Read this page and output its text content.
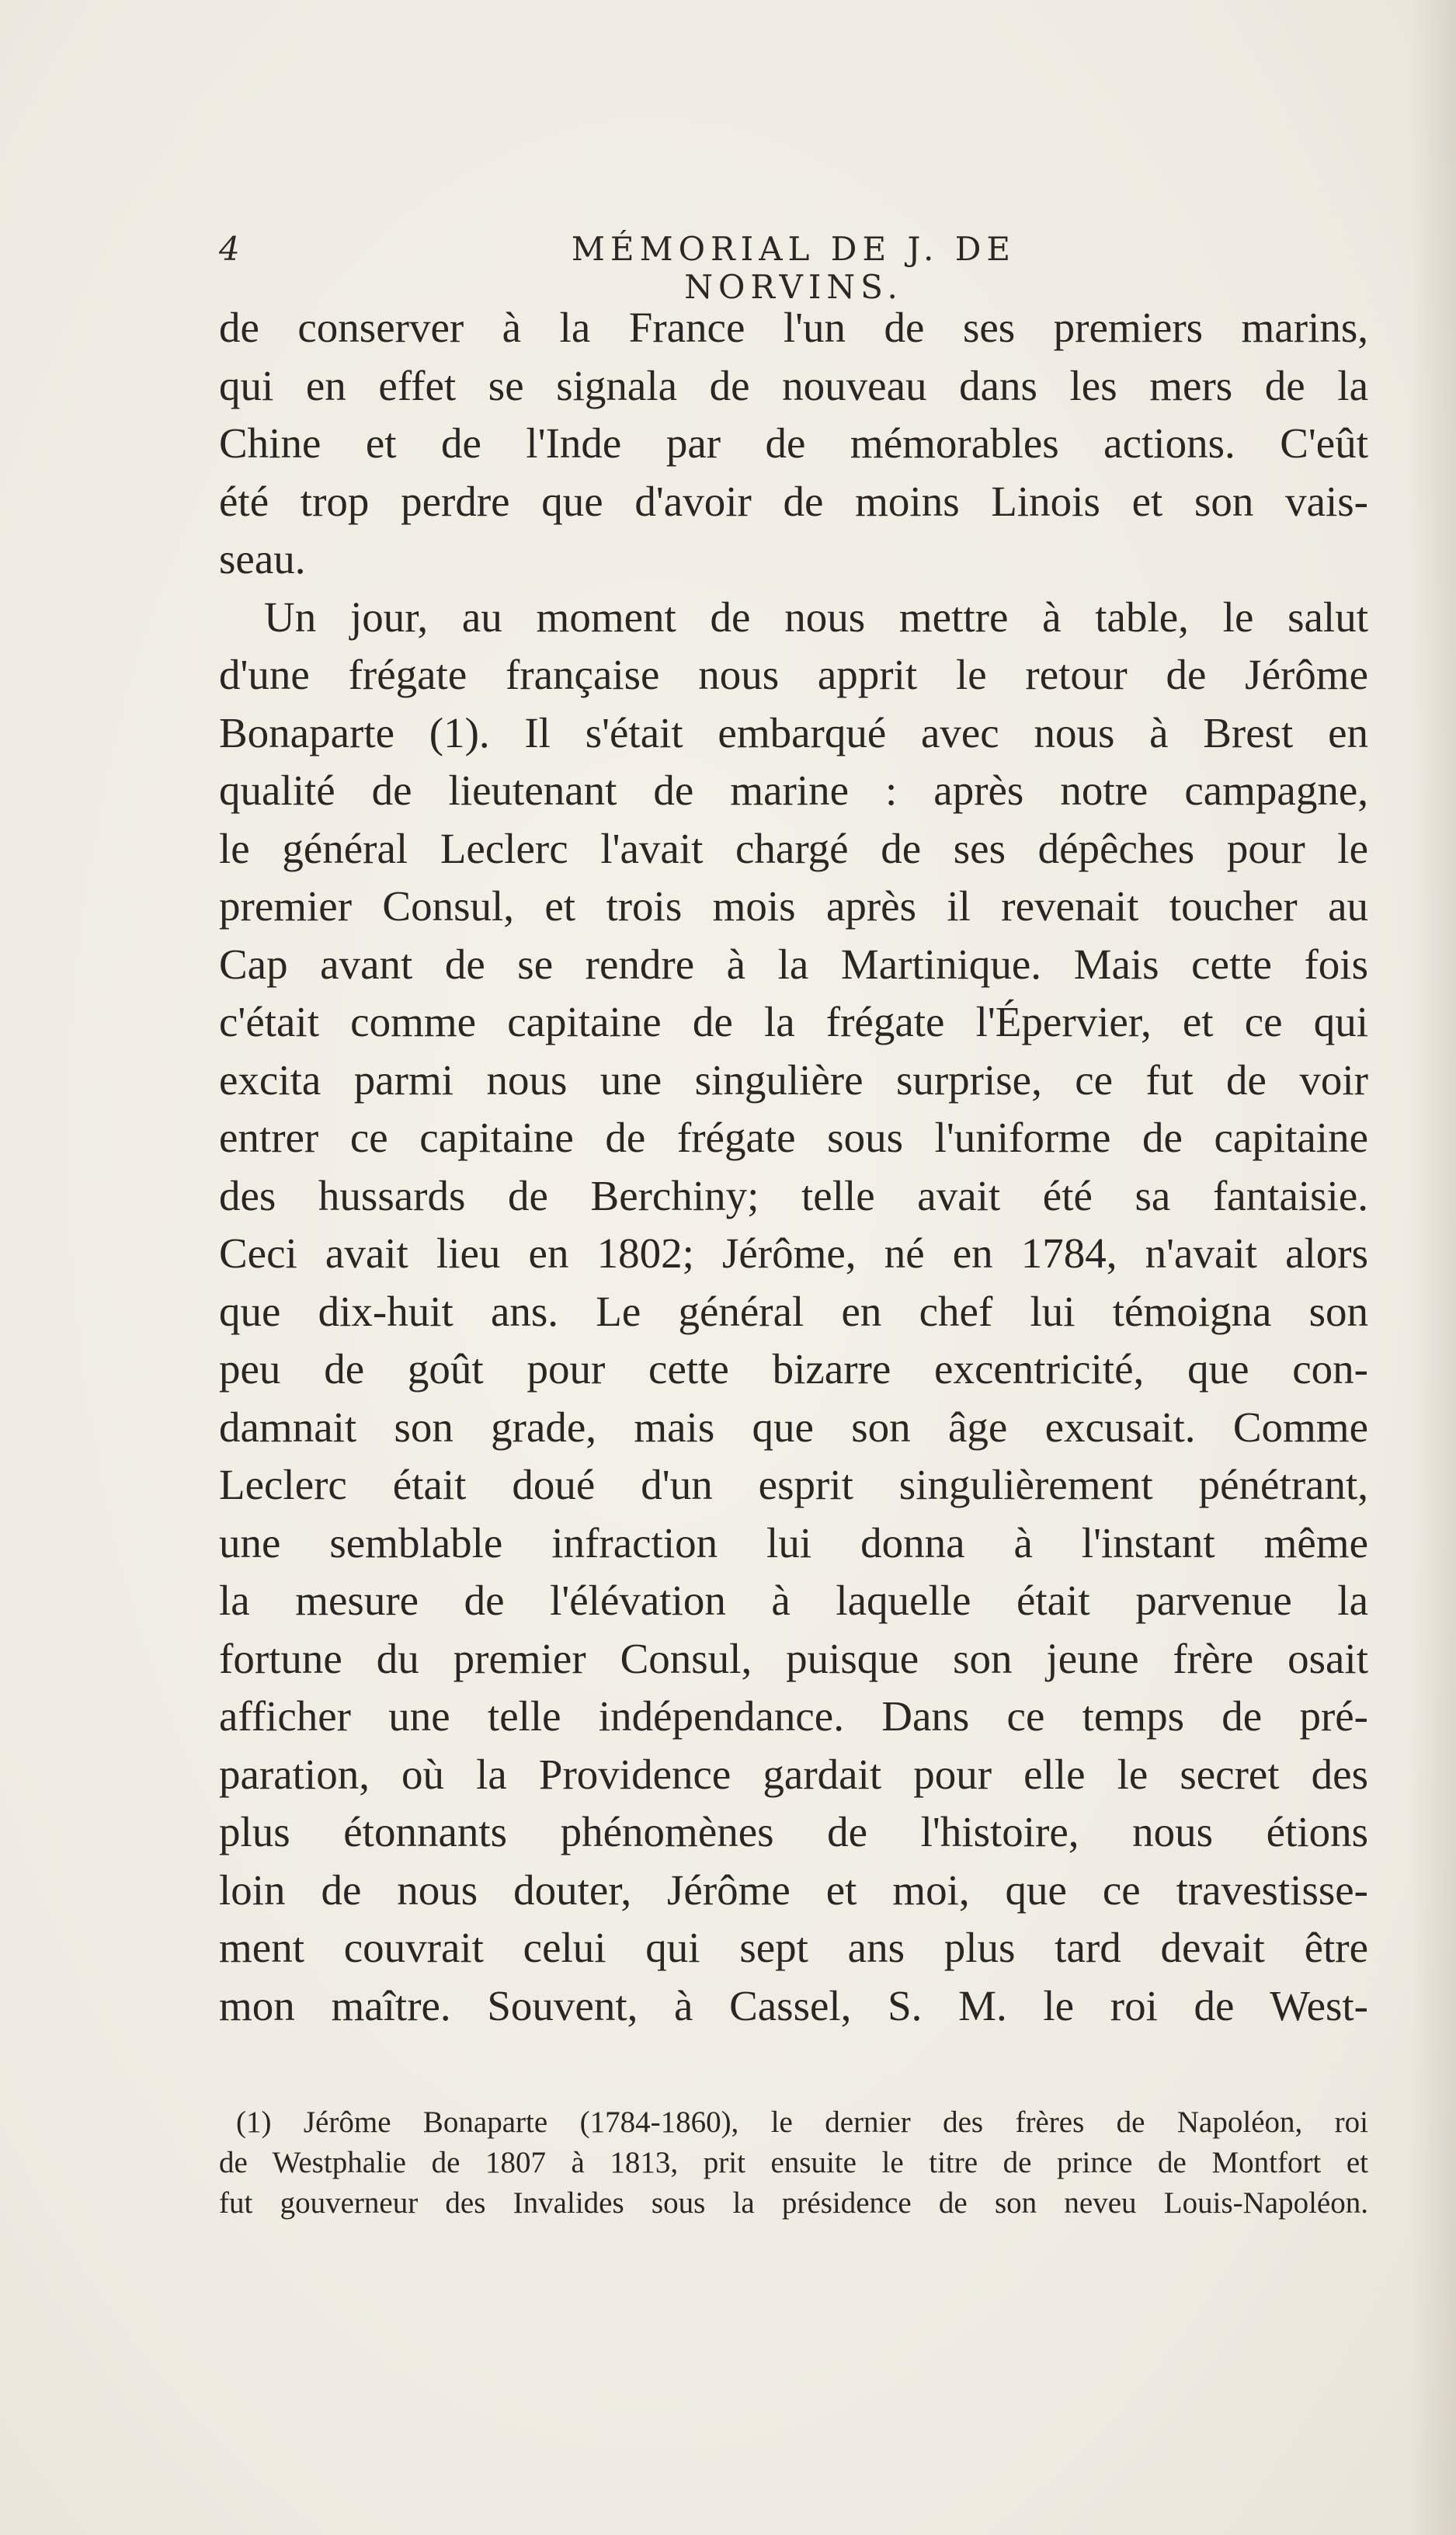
4	MÉMORIAL DE J. DE NORVINS.
de conserver à la France l'un de ses premiers marins,
qui en effet se signala de nouveau dans les mers de la
Chine et de l'Inde par de mémorables actions. C'eût
été trop perdre que d'avoir de moins Linois et son vais-
seau.
Un jour, au moment de nous mettre à table, le salut
d'une frégate française nous apprit le retour de Jérôme
Bonaparte (1). Il s'était embarqué avec nous à Brest en
qualité de lieutenant de marine : après notre campagne,
le général Leclerc l'avait chargé de ses dépêches pour le
premier Consul, et trois mois après il revenait toucher au
Cap avant de se rendre à la Martinique. Mais cette fois
c'était comme capitaine de la frégate l'Épervier, et ce qui
excita parmi nous une singulière surprise, ce fut de voir
entrer ce capitaine de frégate sous l'uniforme de capitaine
des hussards de Berchiny; telle avait été sa fantaisie.
Ceci avait lieu en 1802; Jérôme, né en 1784, n'avait alors
que dix-huit ans. Le général en chef lui témoigna son
peu de goût pour cette bizarre excentricité, que con-
damnait son grade, mais que son âge excusait. Comme
Leclerc était doué d'un esprit singulièrement pénétrant,
une semblable infraction lui donna à l'instant même
la mesure de l'élévation à laquelle était parvenue la
fortune du premier Consul, puisque son jeune frère osait
afficher une telle indépendance. Dans ce temps de pré-
paration, où la Providence gardait pour elle le secret des
plus étonnants phénomènes de l'histoire, nous étions
loin de nous douter, Jérôme et moi, que ce travestisse-
ment couvrait celui qui sept ans plus tard devait être
mon maître. Souvent, à Cassel, S. M. le roi de West-
(1) Jérôme Bonaparte (1784-1860), le dernier des frères de Napoléon, roi
de Westphalie de 1807 à 1813, prit ensuite le titre de prince de Montfort et
fut gouverneur des Invalides sous la présidence de son neveu Louis-Napoléon.
